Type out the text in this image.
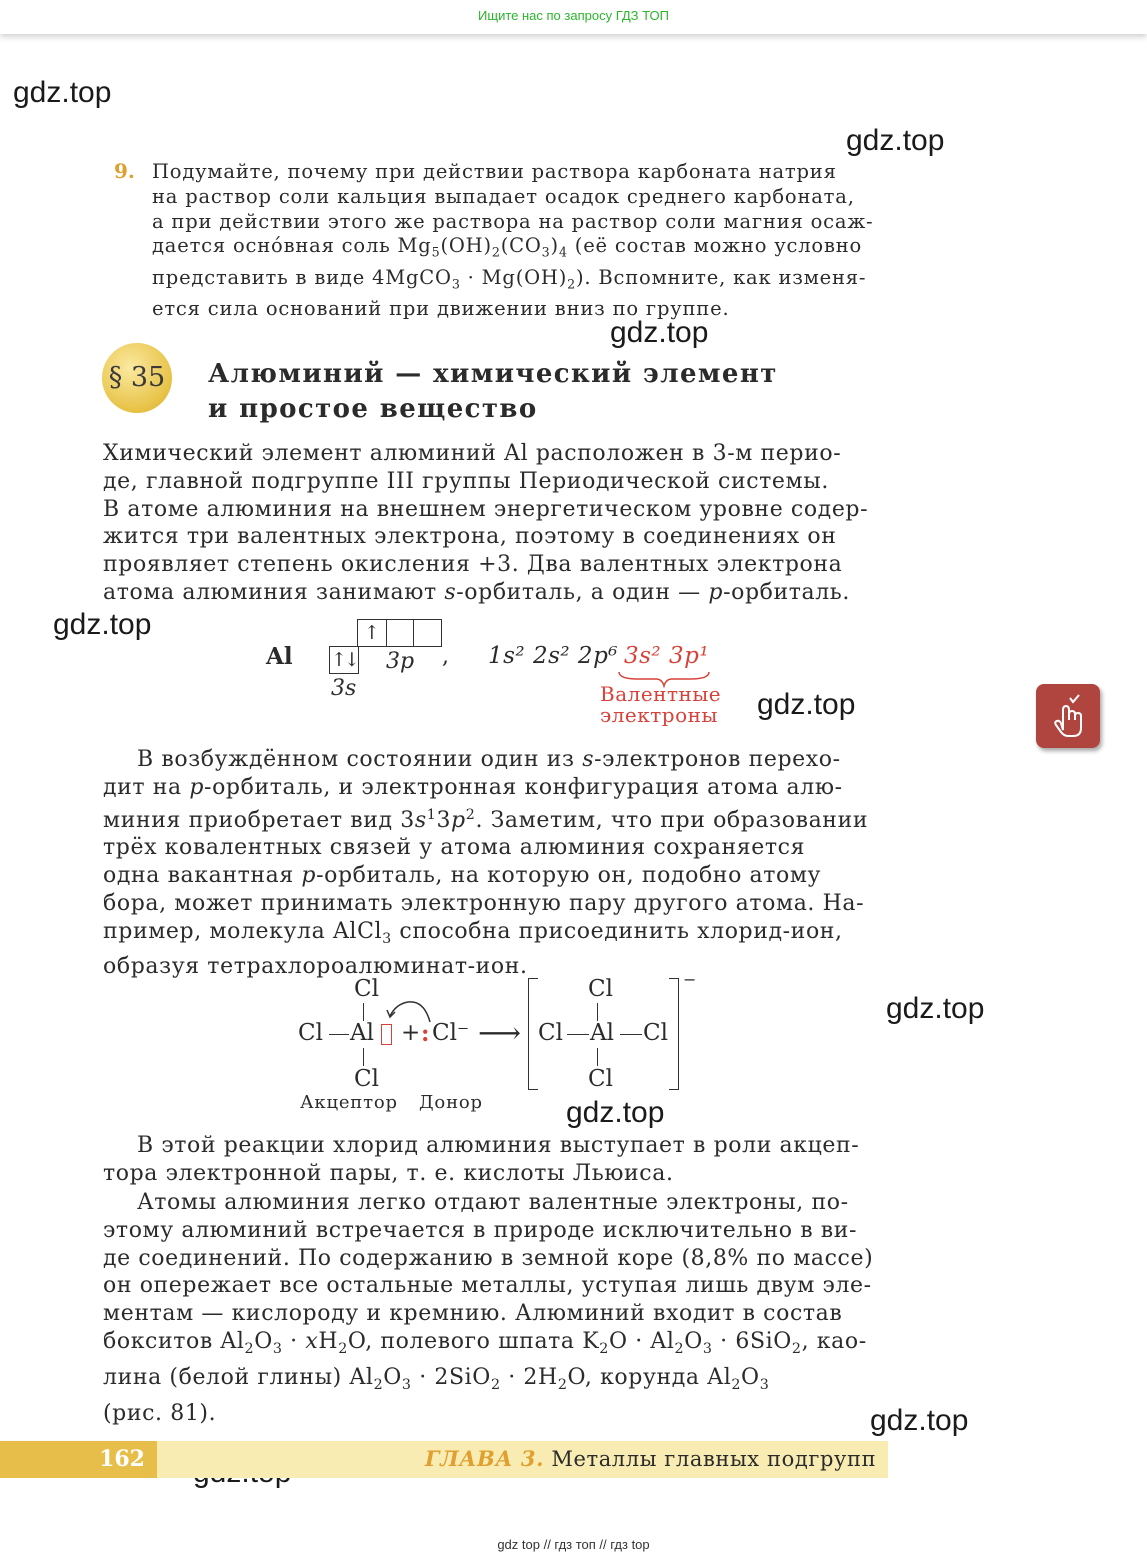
Ищите нас по запросу ГДЗ ТОП
gdz.top
gdz.top
gdz.top
gdz.top
gdz.top
gdz.top
gdz.top
gdz.top
9. Подумайте, почему при действии раствора карбоната натрия
на раствор соли кальция выпадает осадок среднего карбоната,
а при действии этого же раствора на раствор соли магния осаж-
дается оснóвная соль $Mg_5(OH)_2(CO_3)_4$ (её состав можно условно
представить в виде 4MgCO$_3$ · $Mg(OH)_2$). Вспомните, как изменя-
ется сила оснований при движении вниз по группе.
§ 35 Алюминий — химический элемент
и простое вещество
Химический элемент алюминий Al расположен в 3-м перио-
де, главной подгруппе III группы Периодической системы.
В атоме алюминия на внешнем энергетическом уровне содер-
жится три валентных электрона, поэтому в соединениях он
проявляет степень окисления +3. Два валентных электрона
атома алюминия занимают s-орбиталь, а один — p-орбиталь.
Al ↑↓
↑
3s
3p , 1s² 2s² 2p⁶ 3s² 3p¹
Валентные
электроны
В возбуждённом состоянии один из s-электронов перехо-
дит на p-орбиталь, и электронная конфигурация атома алю-
миния приобретает вид $3s^13p^2$. Заметим, что при образовании
трёх ковалентных связей у атома алюминия сохраняется
одна вакантная p-орбиталь, на которую он, подобно атому
бора, может принимать электронную пару другого атома. На-
пример, молекула AlCl$_3$ способна присоединить хлорид-ион,
образуя тетрахлороалюминат-ион.
Cl
Cl Al
Cl
+ : Cl⁻ ⟶
−
Cl
Cl Al Cl
Cl
Акцептор Донор
В этой реакции хлорид алюминия выступает в роли акцеп-
тора электронной пары, т. е. кислоты Льюиса.
Атомы алюминия легко отдают валентные электроны, по-
этому алюминий встречается в природе исключительно в ви-
де соединений. По содержанию в земной коре (8,8% по массе)
он опережает все остальные металлы, уступая лишь двум эле-
ментам — кислороду и кремнию. Алюминий входит в состав
бокситов $Al_2O_3 \cdot xH_2O$, полевого шпата $K_2O \cdot Al_2O_3 \cdot 6SiO_2$, као-
лина (белой глины) $Al_2O_3 \cdot 2SiO_2 \cdot 2H_2O$, корунда $Al_2O_3$
(рис. 81).
162	ГЛАВА 3. Металлы главных подгрупп
gdz top // гдз топ // гдз top
